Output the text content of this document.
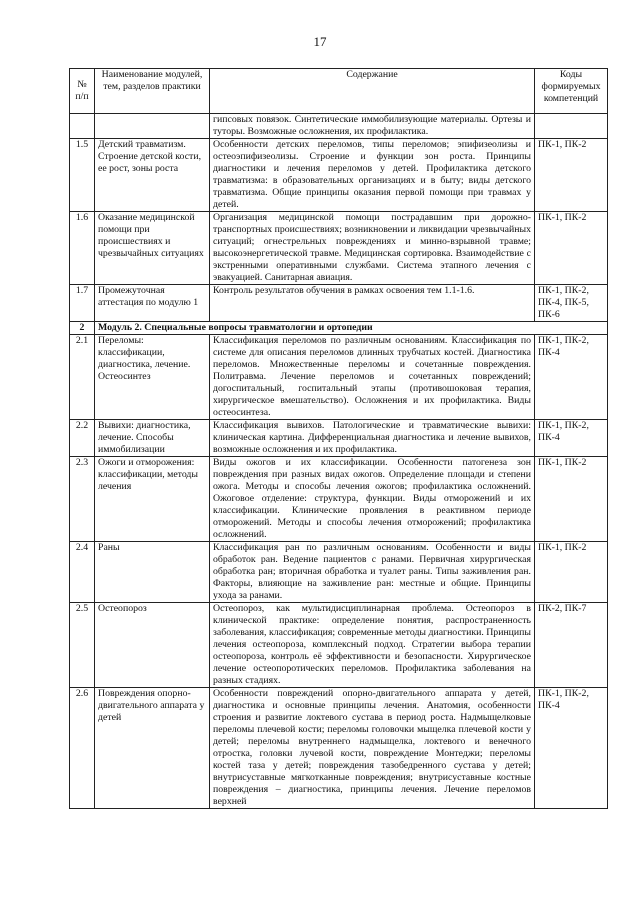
17
№ п/п	Наименование модулей, тем, разделов практики	Содержание	Коды формируемых компетенций
		гипсовых повязок. Синтетические иммобилизующие материалы. Ортезы и туторы. Возможные осложнения, их профилактика.	
1.5	Детский травматизм. Строение детской кости, ее рост, зоны роста	Особенности детских переломов, типы переломов; эпифизеолизы и остеоэпифизеолизы. Строение и функции зон роста. Принципы диагностики и лечения переломов у детей. Профилактика детского травматизма: в образовательных организациях и в быту; виды детского травматизма. Общие принципы оказания первой помощи при травмах у детей.	ПК-1, ПК-2
1.6	Оказание медицинской помощи при происшествиях и чрезвычайных ситуациях	Организация медицинской помощи пострадавшим при дорожно-транспортных происшествиях; возникновении и ликвидации чрезвычайных ситуаций; огнестрельных повреждениях и минно-взрывной травме; высокоэнергетической травме. Медицинская сортировка. Взаимодействие с экстренными оперативными службами. Система этапного лечения с эвакуацией. Санитарная авиация.	ПК-1, ПК-2
1.7	Промежуточная аттестация по модулю 1	Контроль результатов обучения в рамках освоения тем 1.1-1.6.	ПК-1, ПК-2, ПК-4, ПК-5, ПК-6
2	Модуль 2. Специальные вопросы травматологии и ортопедии		
2.1	Переломы: классификации, диагностика, лечение. Остеосинтез	Классификация переломов по различным основаниям. Классификация по системе для описания переломов длинных трубчатых костей. Диагностика переломов. Множественные переломы и сочетанные повреждения. Политравма. Лечение переломов и сочетанных повреждений; догоспитальный, госпитальный этапы (противошоковая терапия, хирургическое вмешательство). Осложнения и их профилактика. Виды остеосинтеза.	ПК-1, ПК-2, ПК-4
2.2	Вывихи: диагностика, лечение. Способы иммобилизации	Классификация вывихов. Патологические и травматические вывихи: клиническая картина. Дифференциальная диагностика и лечение вывихов, возможные осложнения и их профилактика.	ПК-1, ПК-2, ПК-4
2.3	Ожоги и отморожения: классификации, методы лечения	Виды ожогов и их классификации. Особенности патогенеза зон повреждения при разных видах ожогов. Определение площади и степени ожога. Методы и способы лечения ожогов; профилактика осложнений. Ожоговое отделение: структура, функции. Виды отморожений и их классификации. Клинические проявления в реактивном периоде отморожений. Методы и способы лечения отморожений; профилактика осложнений.	ПК-1, ПК-2
2.4	Раны	Классификация ран по различным основаниям. Особенности и виды обработок ран. Ведение пациентов с ранами. Первичная хирургическая обработка ран; вторичная обработка и туалет раны. Типы заживления ран. Факторы, влияющие на заживление ран: местные и общие. Принципы ухода за ранами.	ПК-1, ПК-2
2.5	Остеопороз	Остеопороз, как мультидисциплинарная проблема. Остеопороз в клинической практике: определение понятия, распространенность заболевания, классификация; современные методы диагностики. Принципы лечения остеопороза, комплексный подход. Стратегии выбора терапии остеопороза, контроль её эффективности и безопасности. Хирургическое лечение остеопоротических переломов. Профилактика заболевания на разных стадиях.	ПК-2, ПК-7
2.6	Повреждения опорно-двигательного аппарата у детей	Особенности повреждений опорно-двигательного аппарата у детей, диагностика и основные принципы лечения. Анатомия, особенности строения и развитие локтевого сустава в период роста. Надмыщелковые переломы плечевой кости; переломы головочки мыщелка плечевой кости у детей; переломы внутреннего надмыщелка, локтевого и венечного отростка, головки лучевой кости, повреждение Монтеджи; переломы костей таза у детей; повреждения тазобедренного сустава у детей; внутрисуставные мягкотканные повреждения; внутрисуставные костные повреждения – диагностика, принципы лечения. Лечение переломов верхней	ПК-1, ПК-2, ПК-4
